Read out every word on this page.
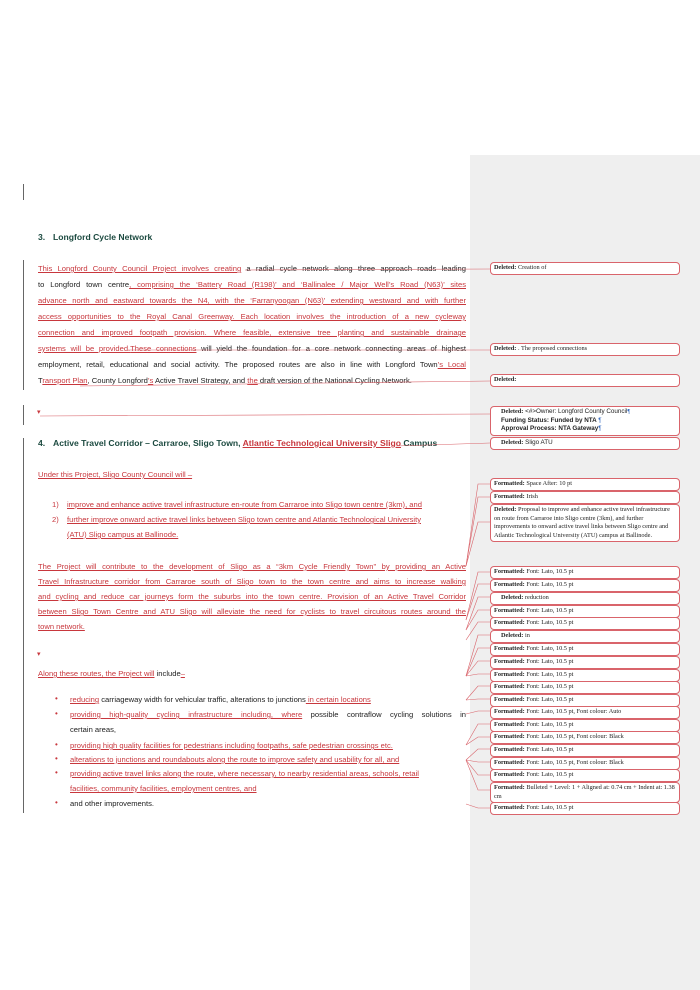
3. Longford Cycle Network
This Longford County Council Project involves creating a radial cycle network along three approach roads leading
to Longford town centre, comprising the ‘Battery Road (R198)’ and ‘Ballinalee / Major Well’s Road (N63)’ sites
advance north and eastward towards the N4, with the ‘Farranyoogan (N63)’ extending westward and with further
access opportunities to the Royal Canal Greenway. Each location involves the introduction of a new cycleway
connection and improved footpath provision. Where feasible, extensive tree planting and sustainable drainage
systems will be provided.These connections will yield the foundation for a core network connecting areas of highest
employment, retail, educational and social activity. The proposed routes are also in line with Longford Town’s Local
Transport Plan, County Longford’s Active Travel Strategy, and the draft version of the National Cycling Network.
▾
4. Active Travel Corridor – Carraroe, Sligo Town, Atlantic Technological University Sligo Campus
Under this Project, Sligo County Council will –
1) improve and enhance active travel infrastructure en-route from Carraroe into Sligo town centre (3km), and
2) further improve onward active travel links between Sligo town centre and Atlantic Technological University
(ATU) Sligo campus at Ballinode.
The Project will contribute to the development of Sligo as a “3km Cycle Friendly Town” by providing an Active
Travel Infrastructure corridor from Carraroe south of Sligo town to the town centre and aims to increase walking
and cycling and reduce car journeys form the suburbs into the town centre. Provision of an Active Travel Corridor
between Sligo Town Centre and ATU Sligo will alleviate the need for cyclists to travel circuitous routes around the
town network.
▾
Along these routes, the Project will include–
• reducing carriageway width for vehicular traffic, alterations to junctions in certain locations
• providing high-quality cycling infrastructure including, where possible contraflow cycling solutions in
certain areas,
• providing high quality facilities for pedestrians including footpaths, safe pedestrian crossings etc.
• alterations to junctions and roundabouts along the route to improve safety and usability for all, and
• providing active travel links along the route, where necessary, to nearby residential areas, schools, retail
facilities, community facilities, employment centres, and
• and other improvements.
Deleted: Creation of
Deleted: . The proposed connections
Deleted:
Deleted: <#>Owner: Longford County Council¶
Funding Status: Funded by NTA ¶
Approval Process: NTA Gateway¶
Deleted: Sligo ATU
Formatted: Space After: 10 pt
Formatted: Irish
Deleted: Proposal to improve and enhance active travel infrastructure on route from Carraroe into Sligo centre (3km), and further improvements to onward active travel links between Sligo centre and Atlantic Technological University (ATU) campus at Ballinode.
Formatted: Font: Lato, 10.5 pt
Formatted: Font: Lato, 10.5 pt
Deleted: reduction
Formatted: Font: Lato, 10.5 pt
Formatted: Font: Lato, 10.5 pt
Deleted: in
Formatted: Font: Lato, 10.5 pt
Formatted: Font: Lato, 10.5 pt
Formatted: Font: Lato, 10.5 pt
Formatted: Font: Lato, 10.5 pt
Formatted: Font: Lato, 10.5 pt
Formatted: Font: Lato, 10.5 pt, Font colour: Auto
Formatted: Font: Lato, 10.5 pt
Formatted: Font: Lato, 10.5 pt, Font colour: Black
Formatted: Font: Lato, 10.5 pt
Formatted: Font: Lato, 10.5 pt, Font colour: Black
Formatted: Font: Lato, 10.5 pt
Formatted: Bulleted + Level: 1 + Aligned at: 0.74 cm + Indent at: 1.38 cm
Formatted: Font: Lato, 10.5 pt
